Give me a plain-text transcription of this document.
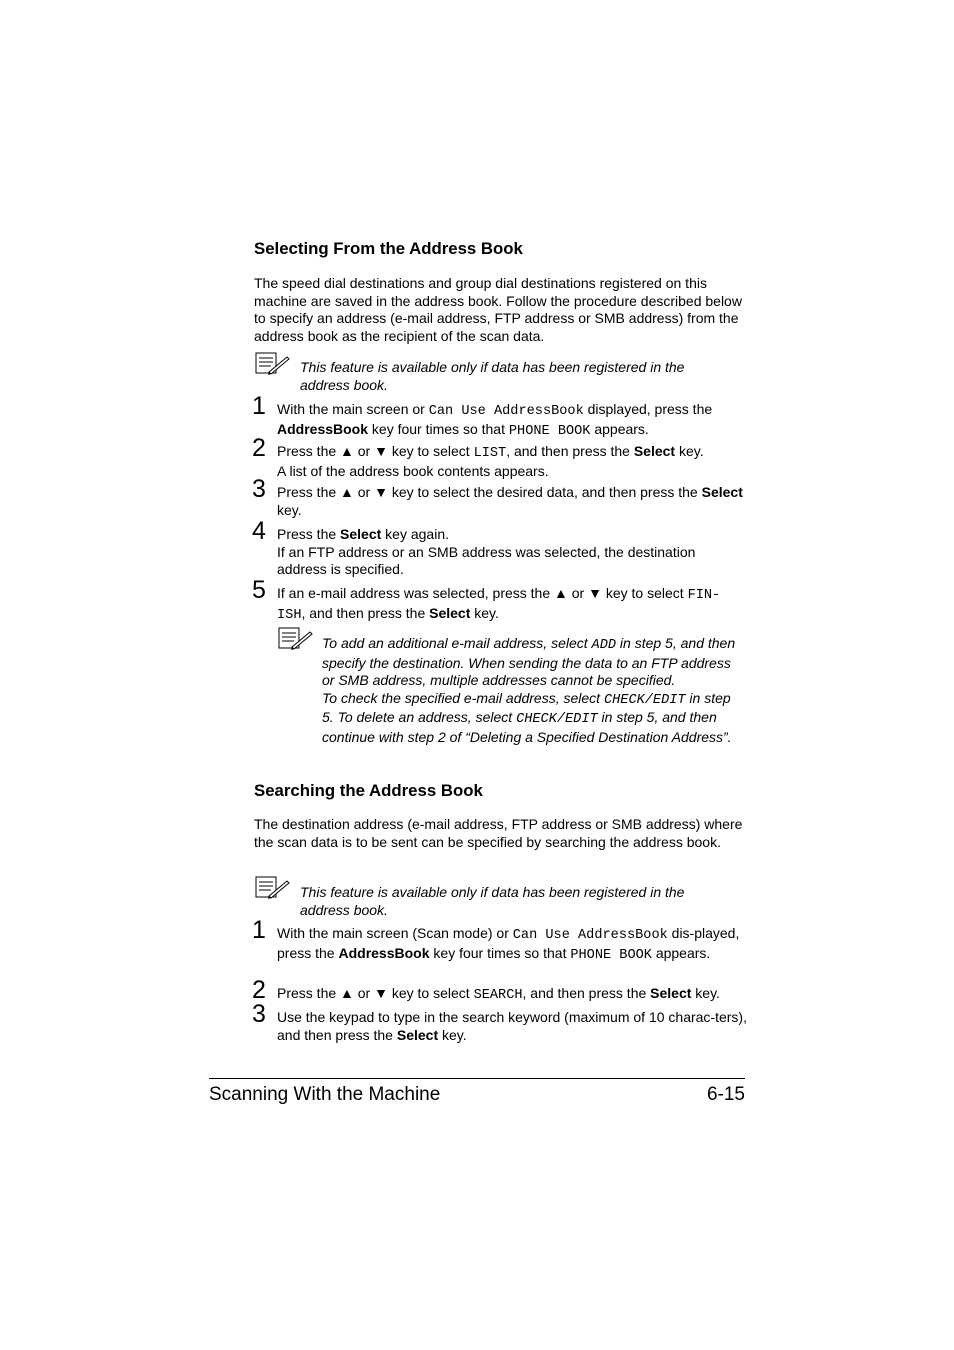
Selecting From the Address Book

The speed dial destinations and group dial destinations registered on this machine are saved in the address book. Follow the procedure described below to specify an address (e-mail address, FTP address or SMB address) from the address book as the recipient of the scan data.

This feature is available only if data has been registered in the address book.

1 With the main screen or Can Use AddressBook displayed, press the AddressBook key four times so that PHONE BOOK appears.

2 Press the ▲ or ▼ key to select LIST, and then press the Select key.
A list of the address book contents appears.

3 Press the ▲ or ▼ key to select the desired data, and then press the Select key.

4 Press the Select key again.
If an FTP address or an SMB address was selected, the destination address is specified.

5 If an e-mail address was selected, press the ▲ or ▼ key to select FIN-
ISH, and then press the Select key.

To add an additional e-mail address, select ADD in step 5, and then specify the destination. When sending the data to an FTP address or SMB address, multiple addresses cannot be specified.
To check the specified e-mail address, select CHECK/EDIT in step 5. To delete an address, select CHECK/EDIT in step 5, and then continue with step 2 of “Deleting a Specified Destination Address”.

Searching the Address Book

The destination address (e-mail address, FTP address or SMB address) where the scan data is to be sent can be specified by searching the address book.

This feature is available only if data has been registered in the address book.

1 With the main screen (Scan mode) or Can Use AddressBook dis-played, press the AddressBook key four times so that PHONE BOOK appears.

2 Press the ▲ or ▼ key to select SEARCH, and then press the Select key.

3 Use the keypad to type in the search keyword (maximum of 10 charac-ters), and then press the Select key.

Scanning With the Machine	6-15
